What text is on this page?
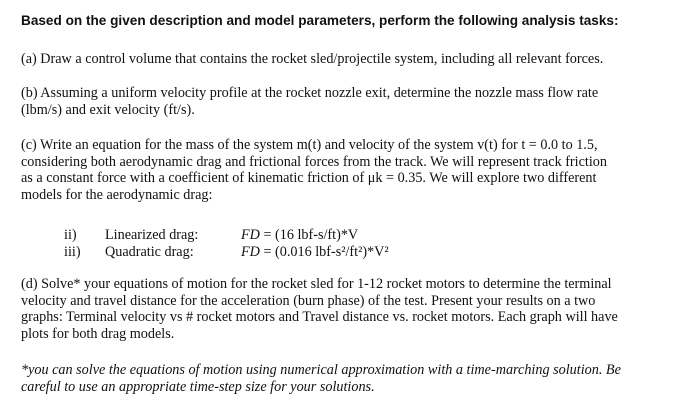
Based on the given description and model parameters, perform the following analysis tasks:
(a) Draw a control volume that contains the rocket sled/projectile system, including all relevant forces.
(b) Assuming a uniform velocity profile at the rocket nozzle exit, determine the nozzle mass flow rate
(lbm/s) and exit velocity (ft/s).
(c) Write an equation for the mass of the system m(t) and velocity of the system v(t) for t = 0.0 to 1.5,
considering both aerodynamic drag and frictional forces from the track. We will represent track friction
as a constant force with a coefficient of kinematic friction of μk = 0.35. We will explore two different
models for the aerodynamic drag:
ii) Linearized drag:	FD = (16 lbf-s/ft)*V
iii) Quadratic drag:	FD = (0.016 lbf-s²/ft²)*V²
(d) Solve* your equations of motion for the rocket sled for 1-12 rocket motors to determine the terminal
velocity and travel distance for the acceleration (burn phase) of the test. Present your results on a two
graphs: Terminal velocity vs # rocket motors and Travel distance vs. rocket motors. Each graph will have
plots for both drag models.
*you can solve the equations of motion using numerical approximation with a time-marching solution. Be
careful to use an appropriate time-step size for your solutions.
